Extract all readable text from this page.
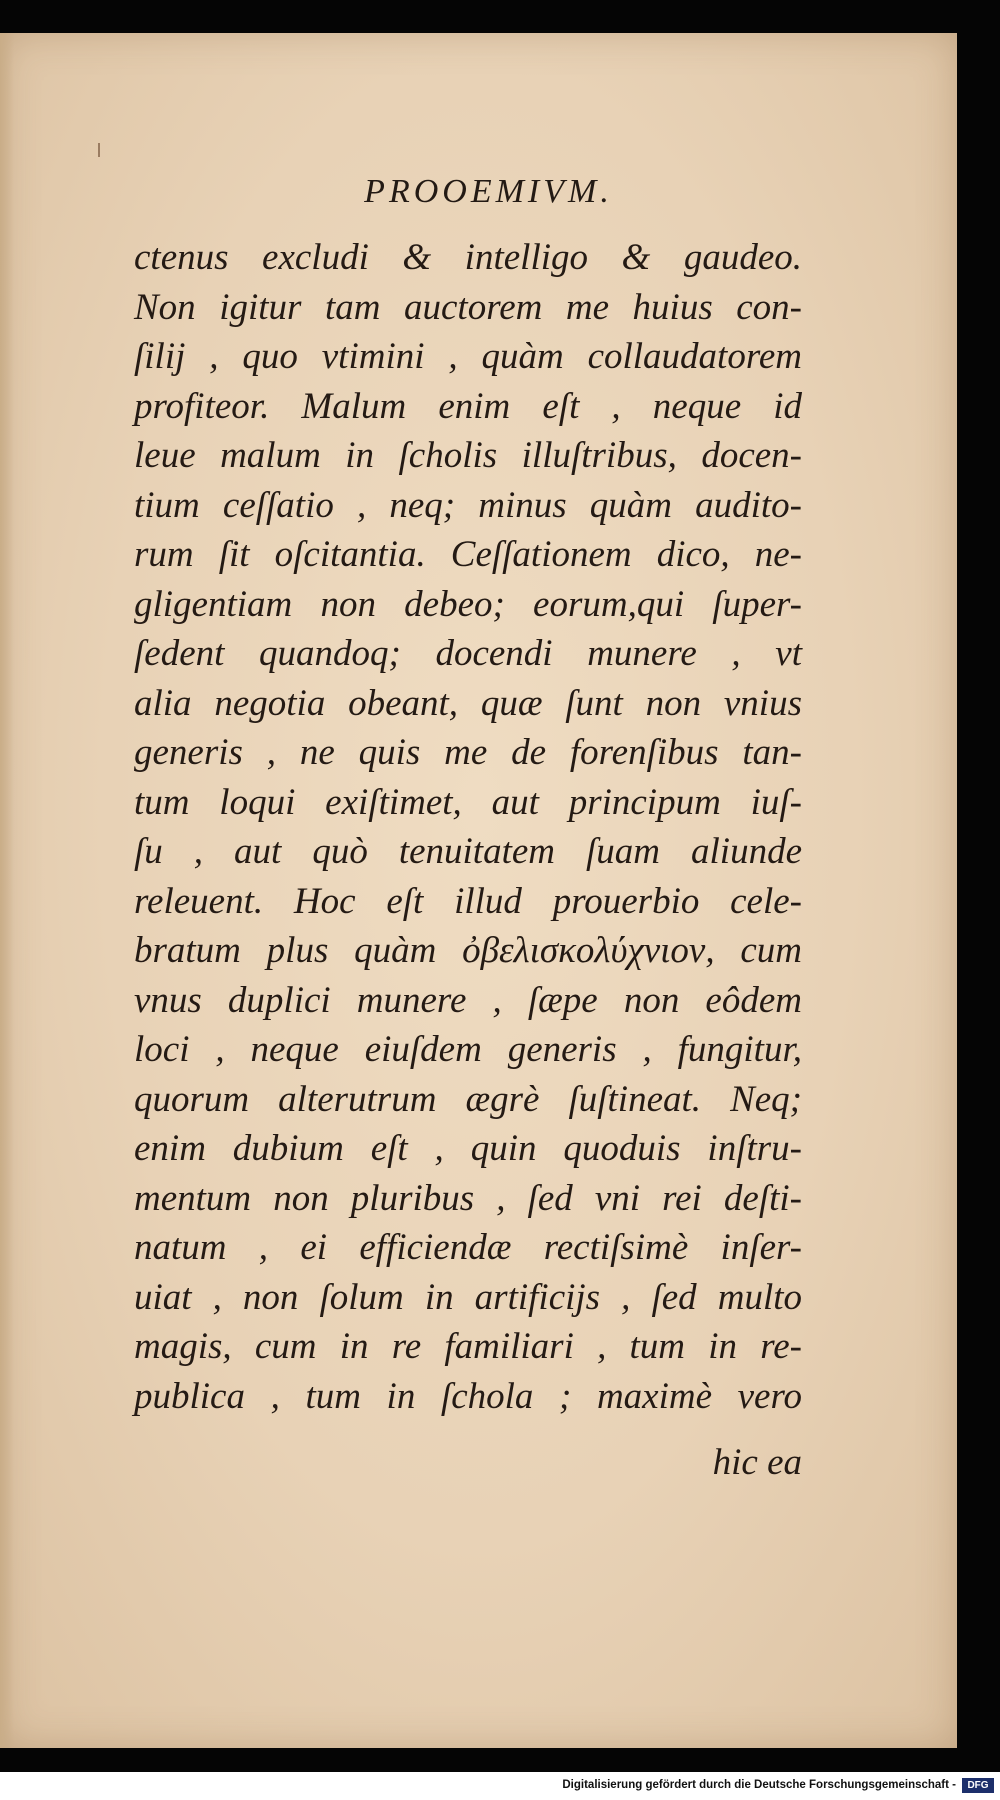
PROOEMIVM.
ctenus excludi & intelligo & gaudeo.
Non igitur tam auctorem me huius con-
ſilij , quo vtimini , quàm collaudatorem
profiteor. Malum enim eſt , neque id
leue malum in ſcholis illuſtribus, docen-
tium ceſſatio , neq; minus quàm audito-
rum ſit oſcitantia. Ceſſationem dico, ne-
gligentiam non debeo; eorum,qui ſuper-
ſedent quandoq; docendi munere , vt
alia negotia obeant, quæ ſunt non vnius
generis , ne quis me de forenſibus tan-
tum loqui exiſtimet, aut principum iuſ-
ſu , aut quò tenuitatem ſuam aliunde
releuent. Hoc eſt illud prouerbio cele-
bratum plus quàm ὀβελισκολύχνιον, cum
vnus duplici munere , ſæpe non eôdem
loci , neque eiuſdem generis , fungitur,
quorum alterutrum ægrè ſuſtineat. Neq;
enim dubium eſt , quin quoduis inſtru-
mentum non pluribus , ſed vni rei deſti-
natum , ei efficiendæ rectiſsimè inſer-
uiat , non ſolum in artificijs , ſed multo
magis, cum in re familiari , tum in re-
publica , tum in ſchola ; maximè vero
hic ea
Digitalisierung gefördert durch die Deutsche Forschungsgemeinschaft -	DFG
